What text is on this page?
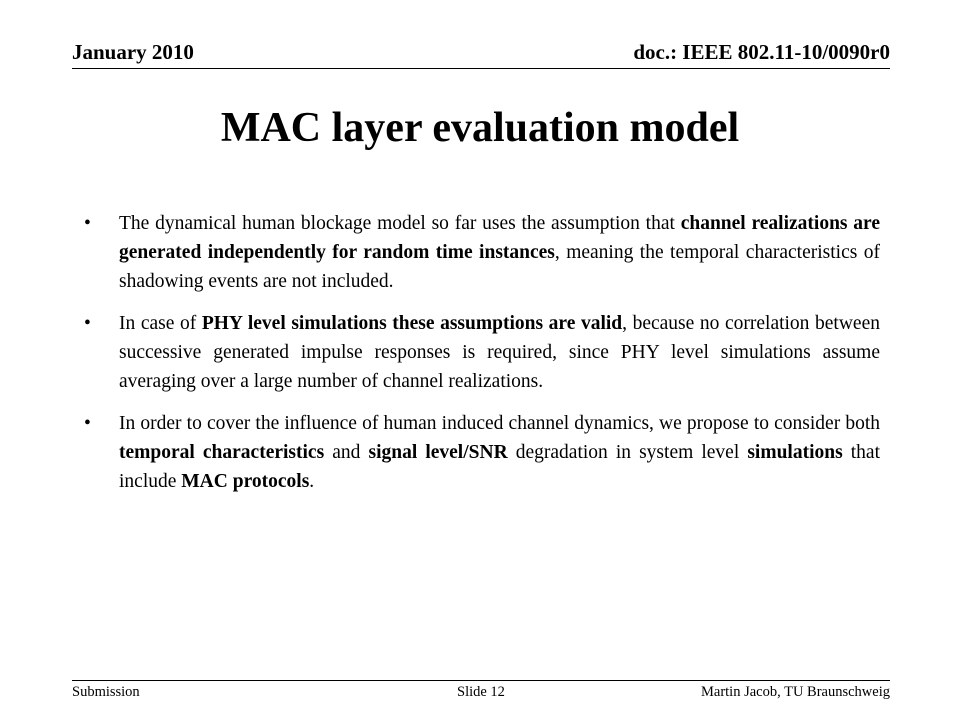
January 2010	doc.: IEEE 802.11-10/0090r0
MAC layer evaluation model
• The dynamical human blockage model so far uses the assumption that channel realizations are generated independently for random time instances, meaning the temporal characteristics of shadowing events are not included.
• In case of PHY level simulations these assumptions are valid, because no correlation between successive generated impulse responses is required, since PHY level simulations assume averaging over a large number of channel realizations.
• In order to cover the influence of human induced channel dynamics, we propose to consider both temporal characteristics and signal level/SNR degradation in system level simulations that include MAC protocols.
Submission	Slide 12	Martin Jacob, TU Braunschweig
